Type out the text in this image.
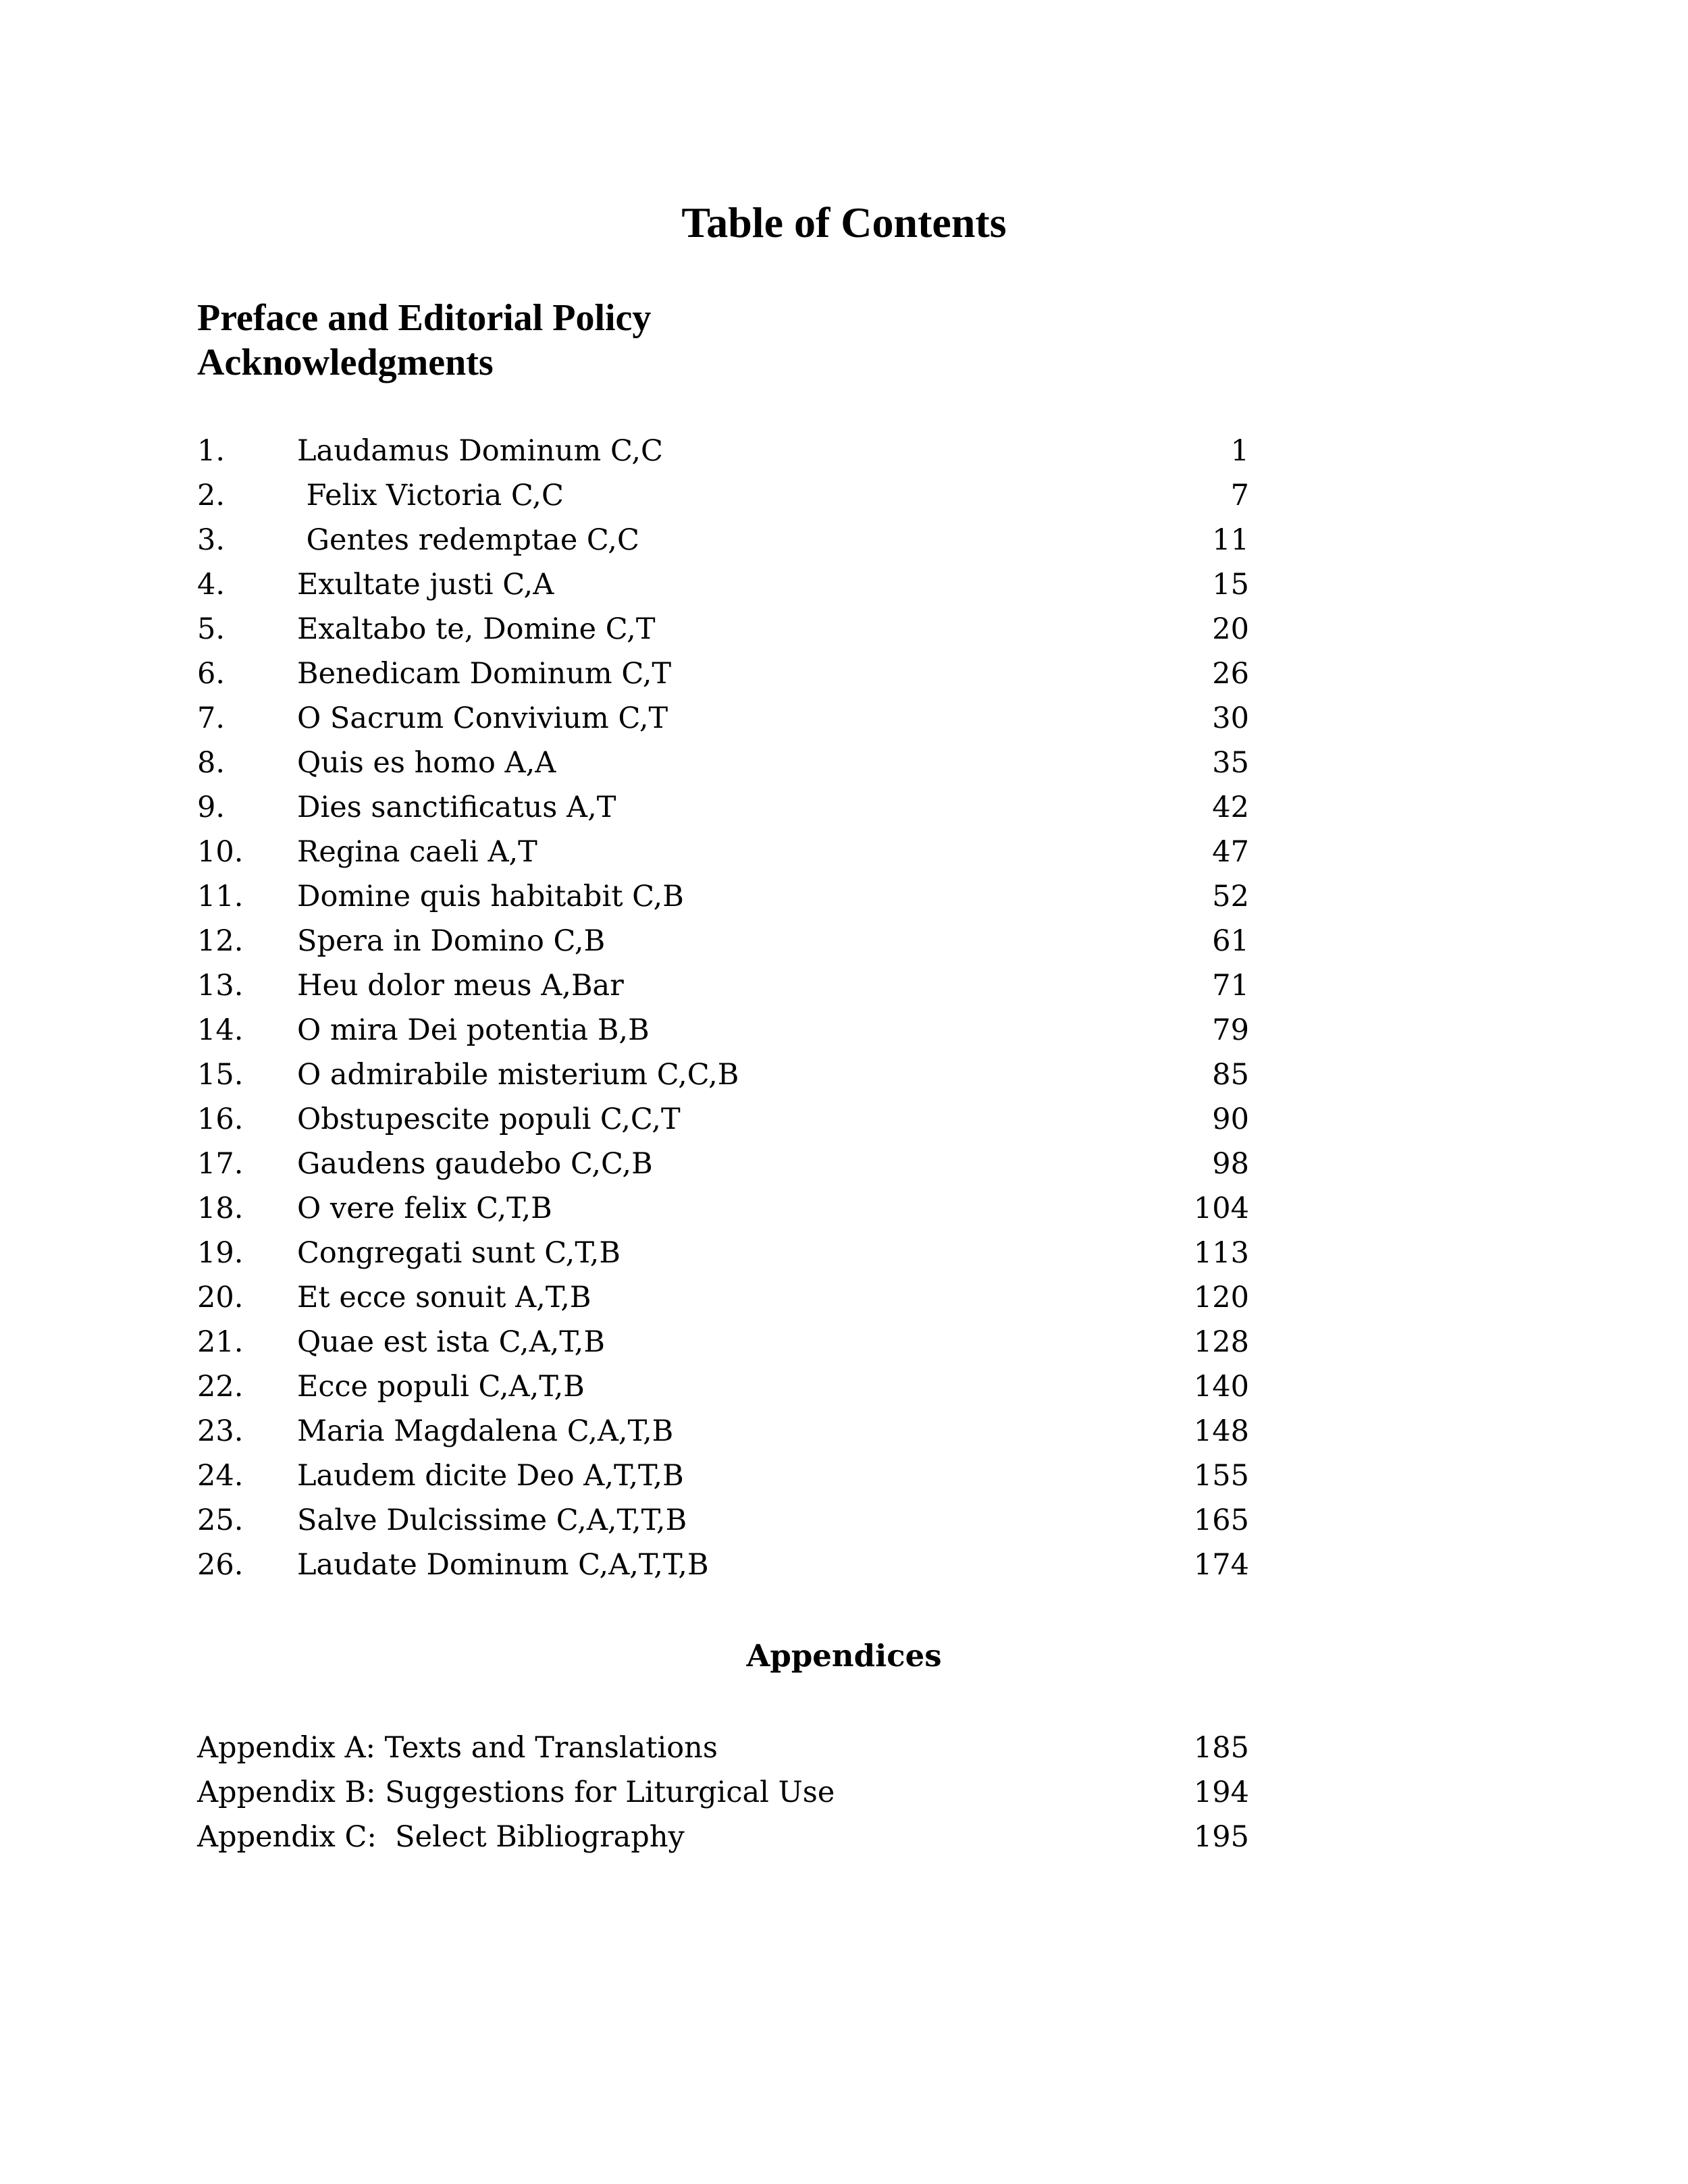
Table of Contents
Preface and Editorial Policy
Acknowledgments
1. Laudamus Dominum C,C	1
2. Felix Victoria C,C	7
3. Gentes redemptae C,C	11
4. Exultate justi C,A	15
5. Exaltabo te, Domine C,T	20
6. Benedicam Dominum C,T	26
7. O Sacrum Convivium C,T	30
8. Quis es homo A,A	35
9. Dies sanctificatus A,T	42
10. Regina caeli A,T	47
11. Domine quis habitabit C,B	52
12. Spera in Domino C,B	61
13. Heu dolor meus A,Bar	71
14. O mira Dei potentia B,B	79
15. O admirabile misterium C,C,B	85
16. Obstupescite populi C,C,T	90
17. Gaudens gaudebo C,C,B	98
18. O vere felix C,T,B	104
19. Congregati sunt C,T,B	113
20. Et ecce sonuit A,T,B	120
21. Quae est ista C,A,T,B	128
22. Ecce populi C,A,T,B	140
23. Maria Magdalena C,A,T,B	148
24. Laudem dicite Deo A,T,T,B	155
25. Salve Dulcissime C,A,T,T,B	165
26. Laudate Dominum C,A,T,T,B	174
Appendices
Appendix A: Texts and Translations	185
Appendix B: Suggestions for Liturgical Use	194
Appendix C:  Select Bibliography	195
